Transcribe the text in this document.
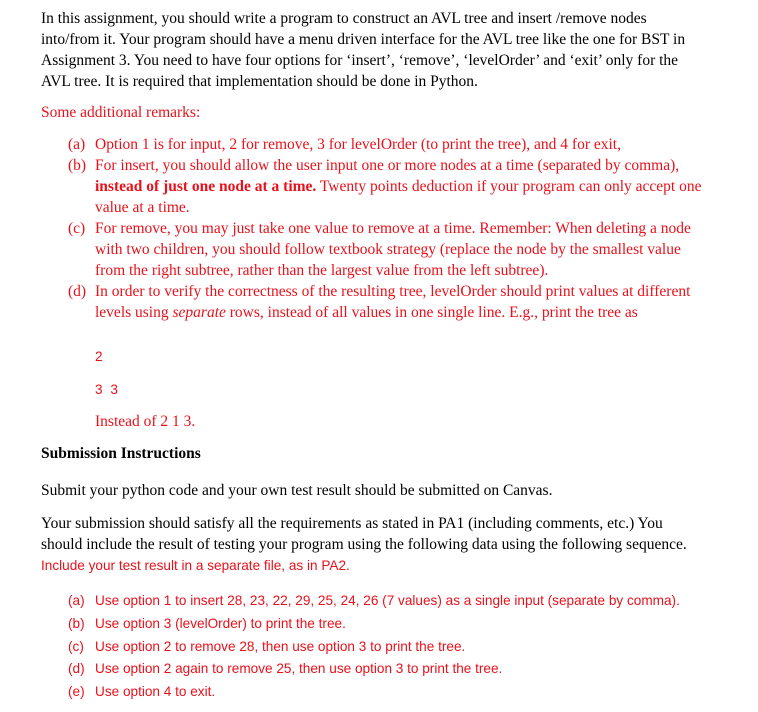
In this assignment, you should write a program to construct an AVL tree and insert /remove nodes
into/from it. Your program should have a menu driven interface for the AVL tree like the one for BST in
Assignment 3. You need to have four options for ‘insert’, ‘remove’, ‘levelOrder’ and ‘exit’ only for the
AVL tree. It is required that implementation should be done in Python.
Some additional remarks:
(a) Option 1 is for input, 2 for remove, 3 for levelOrder (to print the tree), and 4 for exit,
(b) For insert, you should allow the user input one or more nodes at a time (separated by comma),
instead of just one node at a time. Twenty points deduction if your program can only accept one
value at a time.
(c) For remove, you may just take one value to remove at a time. Remember: When deleting a node
with two children, you should follow textbook strategy (replace the node by the smallest value
from the right subtree, rather than the largest value from the left subtree).
(d) In order to verify the correctness of the resulting tree, levelOrder should print values at different
levels using separate rows, instead of all values in one single line. E.g., print the tree as
2
3 3
Instead of 2 1 3.
Submission Instructions
Submit your python code and your own test result should be submitted on Canvas.
Your submission should satisfy all the requirements as stated in PA1 (including comments, etc.) You
should include the result of testing your program using the following data using the following sequence.
Include your test result in a separate file, as in PA2.
(a) Use option 1 to insert 28, 23, 22, 29, 25, 24, 26 (7 values) as a single input (separate by comma).
(b) Use option 3 (levelOrder) to print the tree.
(c) Use option 2 to remove 28, then use option 3 to print the tree.
(d) Use option 2 again to remove 25, then use option 3 to print the tree.
(e) Use option 4 to exit.
